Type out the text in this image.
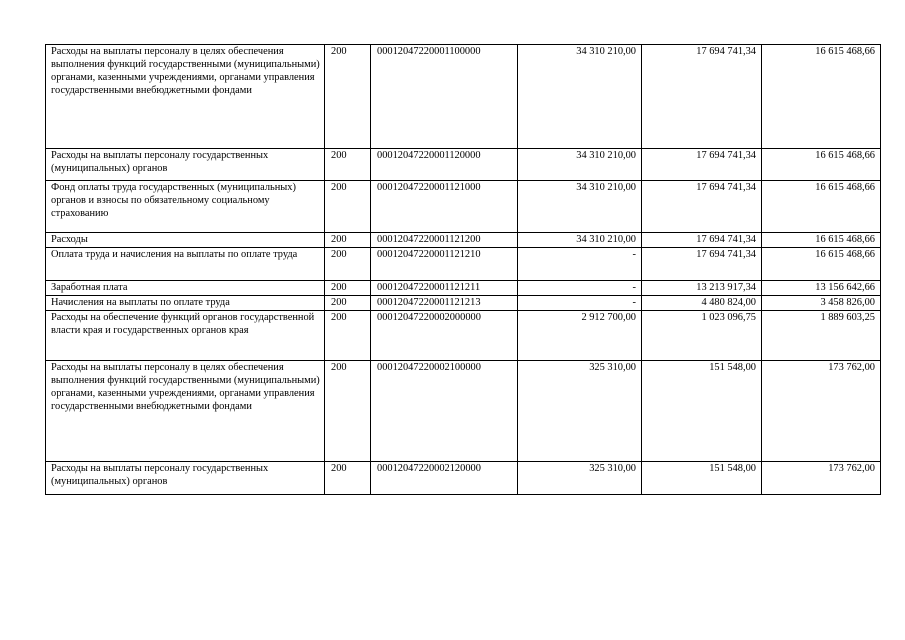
Расходы на выплаты персоналу в целях обеспечения выполнения функций государственными (муниципальными) органами, казенными учреждениями, органами управления государственными внебюджетными фондами	200	00012047220001100000	34 310 210,00	17 694 741,34	16 615 468,66
Расходы на выплаты персоналу государственных (муниципальных) органов	200	00012047220001120000	34 310 210,00	17 694 741,34	16 615 468,66
Фонд оплаты труда государственных (муниципальных) органов и взносы по обязательному социальному страхованию	200	00012047220001121000	34 310 210,00	17 694 741,34	16 615 468,66
Расходы	200	00012047220001121200	34 310 210,00	17 694 741,34	16 615 468,66
Оплата труда и начисления на выплаты по оплате труда	200	00012047220001121210	-	17 694 741,34	16 615 468,66
Заработная плата	200	00012047220001121211	-	13 213 917,34	13 156 642,66
Начисления на выплаты по оплате труда	200	00012047220001121213	-	4 480 824,00	3 458 826,00
Расходы на обеспечение функций органов государственной власти края и государственных органов края	200	00012047220002000000	2 912 700,00	1 023 096,75	1 889 603,25
Расходы на выплаты персоналу в целях обеспечения выполнения функций государственными (муниципальными) органами, казенными учреждениями, органами управления государственными внебюджетными фондами	200	00012047220002100000	325 310,00	151 548,00	173 762,00
Расходы на выплаты персоналу государственных (муниципальных) органов	200	00012047220002120000	325 310,00	151 548,00	173 762,00
